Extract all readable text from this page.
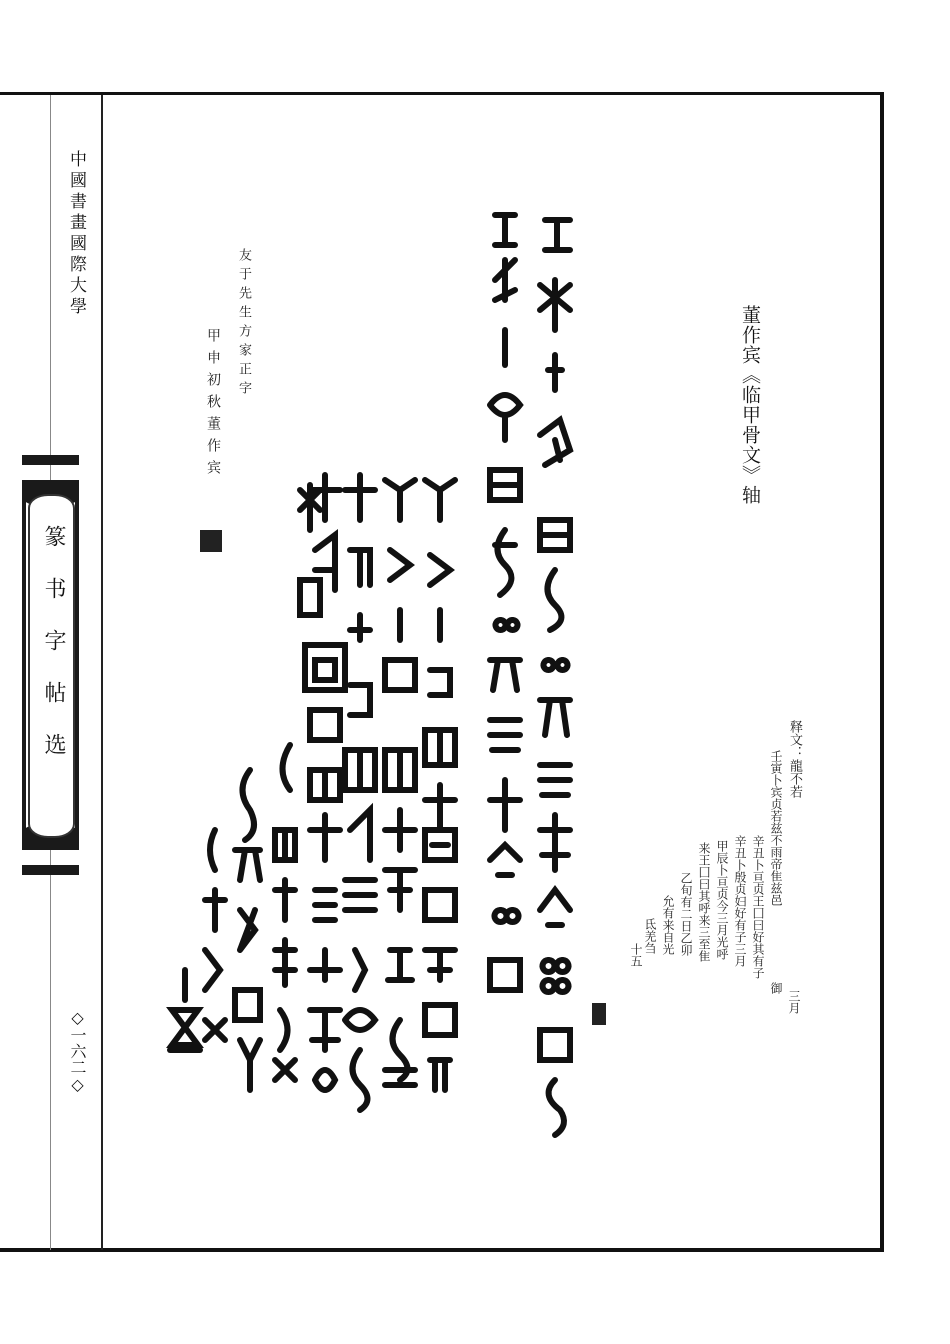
中國書畫國際大學
篆书字帖选
◇一六二◇
董作宾《临甲骨文》轴
友于先生方家正字
甲申初秋董作宾
释文：龍不若
壬寅卜宾贞若兹不雨帝隹兹邑
辛丑卜亘贞王囗曰好其有子
辛丑卜殷贞妇好有子三月
甲辰卜亘贞今三月光呼
来王囗曰其呼来三至隹
乙旬有二日乙卯
允有来自光
氐羌刍
十五
三月
御
